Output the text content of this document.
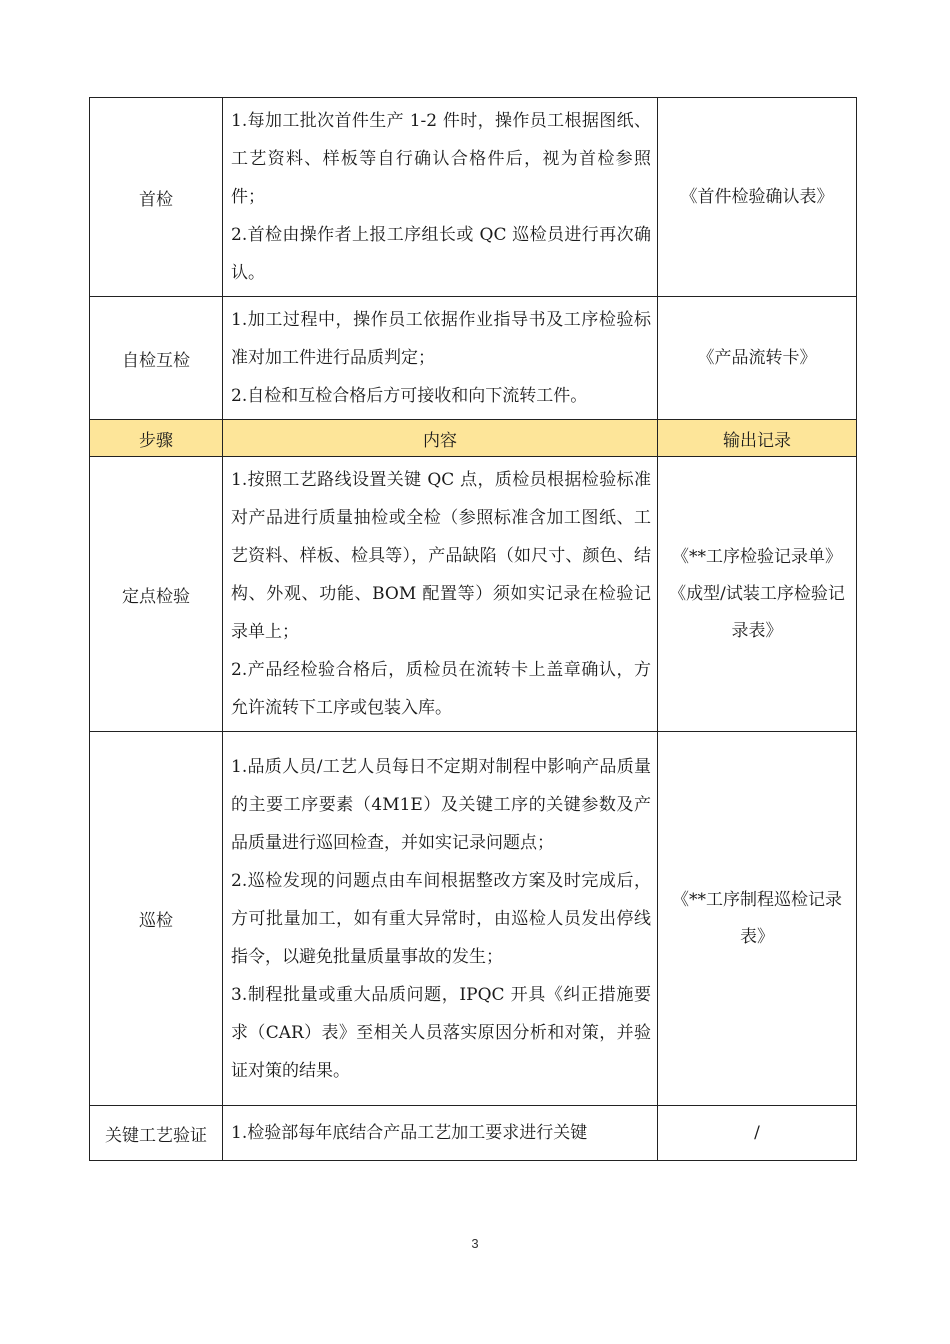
首检	1.每加工批次首件生产 1-2 件时，操作员工根据图纸、工艺资料、样板等自行确认合格件后，视为首检参照件；

2.首检由操作者上报工序组长或 QC 巡检员进行再次确认。	《首件检验确认表》
自检互检	1.加工过程中，操作员工依据作业指导书及工序检验标准对加工件进行品质判定；

2.自检和互检合格后方可接收和向下流转工件。	《产品流转卡》
步骤	内容	输出记录
定点检验	1.按照工艺路线设置关键 QC 点，质检员根据检验标准对产品进行质量抽检或全检（参照标准含加工图纸、工艺资料、样板、检具等），产品缺陷（如尺寸、颜色、结构、外观、功能、BOM 配置等）须如实记录在检验记录单上；

2.产品经检验合格后，质检员在流转卡上盖章确认，方允许流转下工序或包装入库。	《**工序检验记录单》《成型/试装工序检验记录表》
巡检	1.品质人员/工艺人员每日不定期对制程中影响产品质量的主要工序要素（4M1E）及关键工序的关键参数及产品质量进行巡回检查，并如实记录问题点；

2.巡检发现的问题点由车间根据整改方案及时完成后，方可批量加工，如有重大异常时，由巡检人员发出停线指令，以避免批量质量事故的发生；

3.制程批量或重大品质问题，IPQC 开具《纠正措施要求（CAR）表》至相关人员落实原因分析和对策，并验证对策的结果。	《**工序制程巡检记录表》
关键工艺验证	1.检验部每年底结合产品工艺加工要求进行关键	/
3
